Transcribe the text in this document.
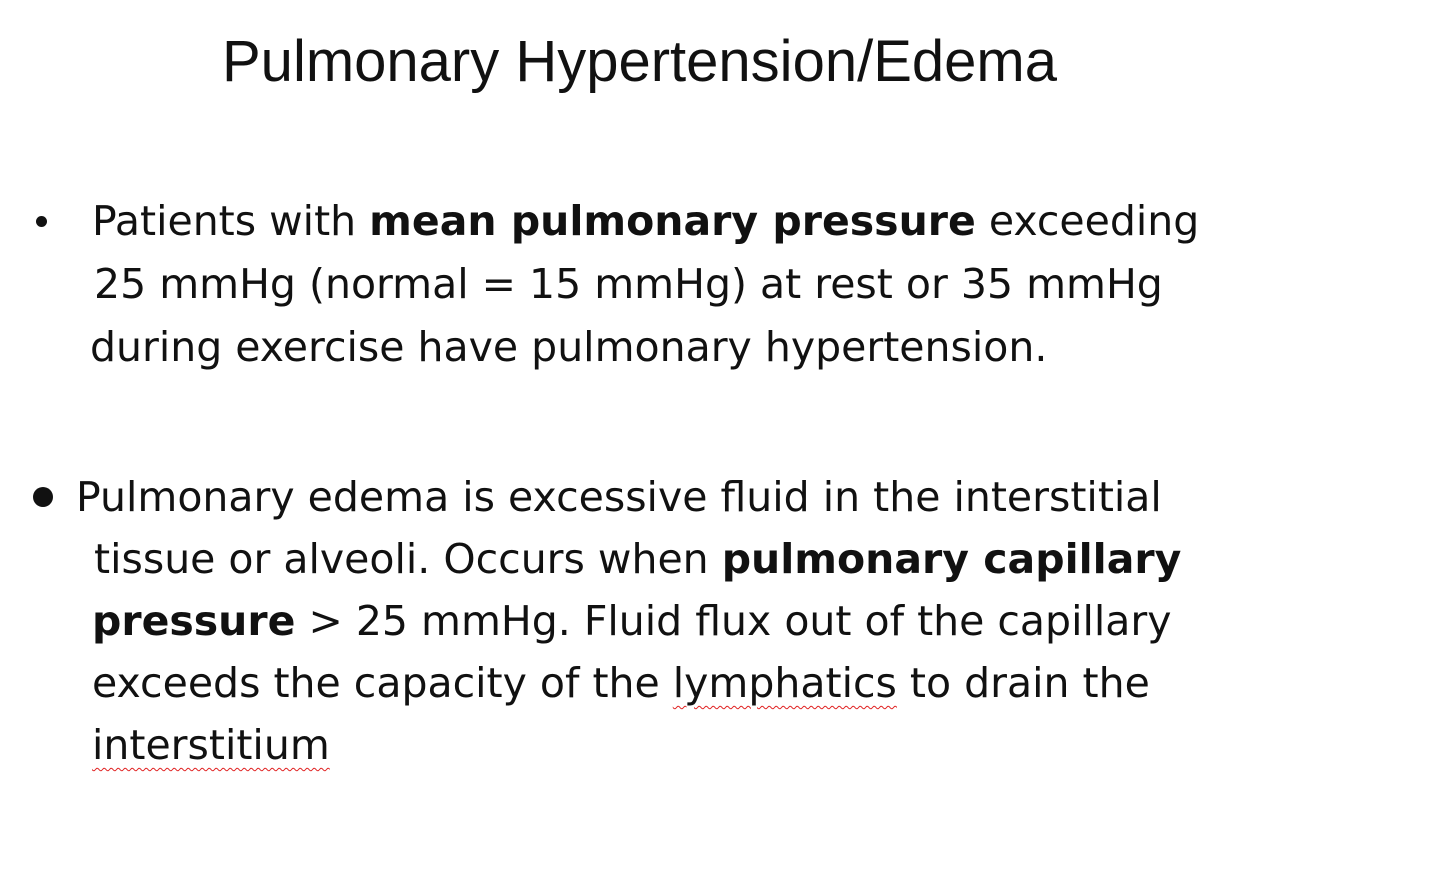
Pulmonary Hypertension/Edema
Patients with mean pulmonary pressure exceeding
25 mmHg (normal = 15 mmHg) at rest or 35 mmHg
during exercise have pulmonary hypertension.
Pulmonary edema is excessive fluid in the interstitial
tissue or alveoli. Occurs when pulmonary capillary
pressure > 25 mmHg. Fluid flux out of the capillary
exceeds the capacity of the lymphatics to drain the
interstitium
